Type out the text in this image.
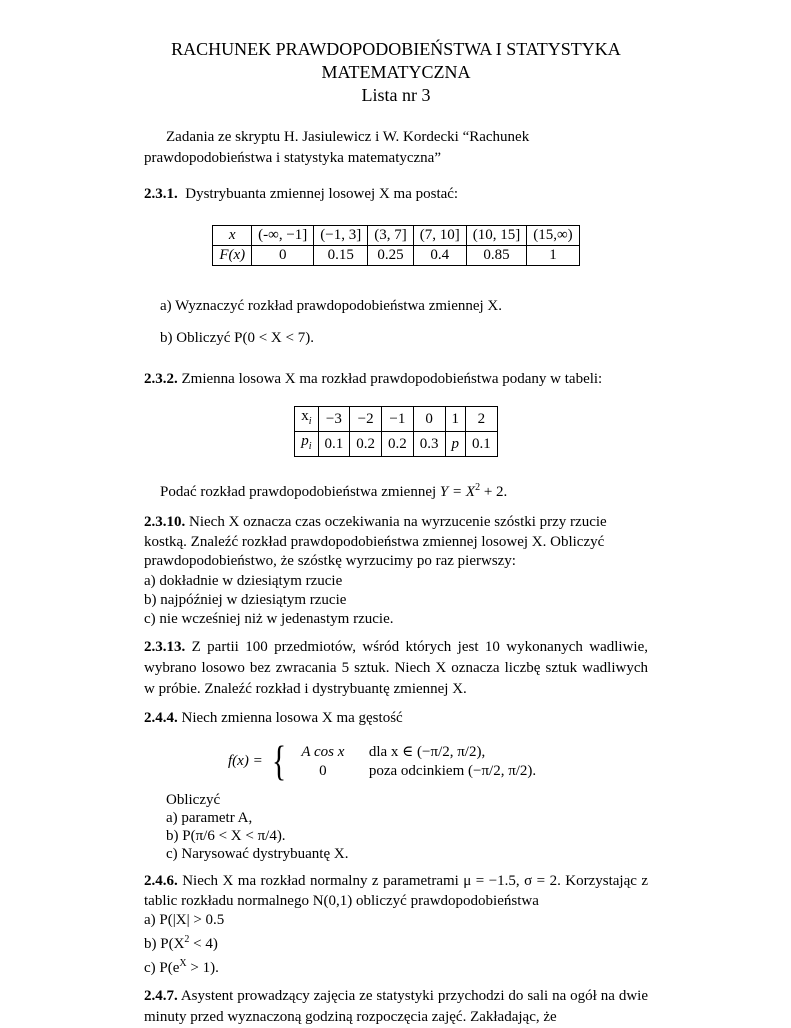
RACHUNEK PRAWDOPODOBIEŃSTWA I STATYSTYKA
MATEMATYCZNA
Lista nr 3

Zadania ze skryptu H. Jasiulewicz i W. Kordecki “Rachunek prawdopodobieństwa i statystyka matematyczna”

2.3.1. Dystrybuanta zmiennej losowej X ma postać:

x	(-∞, −1]	(−1, 3]	(3, 7]	(7, 10]	(10, 15]	(15,∞)
F(x)	0	0.15	0.25	0.4	0.85	1

a) Wyznaczyć rozkład prawdopodobieństwa zmiennej X.

b) Obliczyć P(0 < X < 7).

2.3.2. Zmienna losowa X ma rozkład prawdopodobieństwa podany w tabeli:

$x_i$	−3	−2	−1	0	1	2
$p_i$	0.1	0.2	0.2	0.3	p	0.1

Podać rozkład prawdopodobieństwa zmiennej $Y = X^2 + 2$.

2.3.10. Niech X oznacza czas oczekiwania na wyrzucenie szóstki przy rzucie kostką. Znaleźć rozkład prawdopodobieństwa zmiennej losowej X. Obliczyć prawdopodobieństwo, że szóstkę wyrzucimy po raz pierwszy:

a) dokładnie w dziesiątym rzucie

b) najpóźniej w dziesiątym rzucie

c) nie wcześniej niż w jedenastym rzucie.

2.3.13. Z partii 100 przedmiotów, wśród których jest 10 wykonanych wadliwie, wybrano losowo bez zwracania 5 sztuk. Niech X oznacza liczbę sztuk wadliwych w próbie. Znaleźć rozkład i dystrybuantę zmiennej X.

2.4.4. Niech zmienna losowa X ma gęstość

f(x) = {	A cos x	dla x ∈ (−π/2, π/2),
0	poza odcinkiem (−π/2, π/2).

Obliczyć

a) parametr A,

b) P(π/6 < X < π/4).

c) Narysować dystrybuantę X.

2.4.6. Niech X ma rozkład normalny z parametrami μ = −1.5, σ = 2. Korzystając z tablic rozkładu normalnego N(0,1) obliczyć prawdopodobieństwa

a) P(|X| > 0.5

b) $P(X^2 < 4)$

c) $P(e^X > 1)$.

2.4.7. Asystent prowadzący zajęcia ze statystyki przychodzi do sali na ogół na dwie minuty przed wyznaczoną godziną rozpoczęcia zajęć. Zakładając, że
